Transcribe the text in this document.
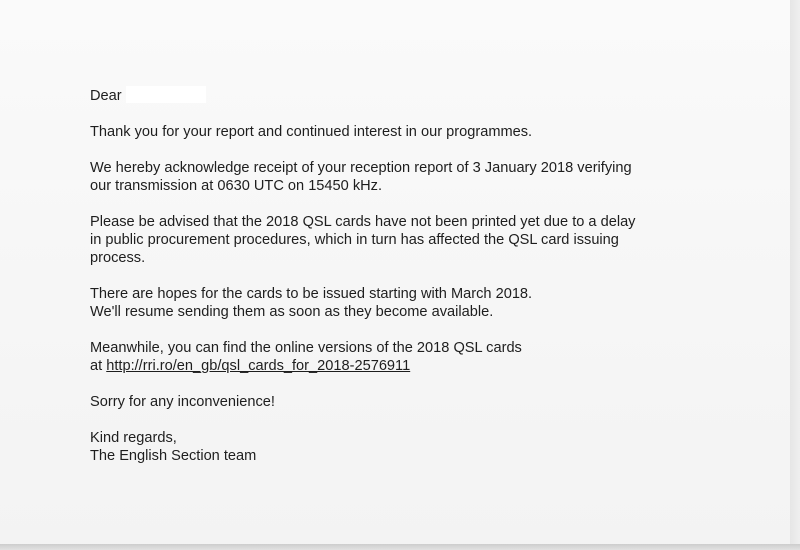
Dear
Thank you for your report and continued interest in our programmes.
We hereby acknowledge receipt of your reception report of 3 January 2018 verifying
our transmission at 0630 UTC on 15450 kHz.
Please be advised that the 2018 QSL cards have not been printed yet due to a delay
in public procurement procedures, which in turn has affected the QSL card issuing
process.
There are hopes for the cards to be issued starting with March 2018.
We'll resume sending them as soon as they become available.
Meanwhile, you can find the online versions of the 2018 QSL cards
at http://rri.ro/en_gb/qsl_cards_for_2018-2576911
Sorry for any inconvenience!
Kind regards,
The English Section team
